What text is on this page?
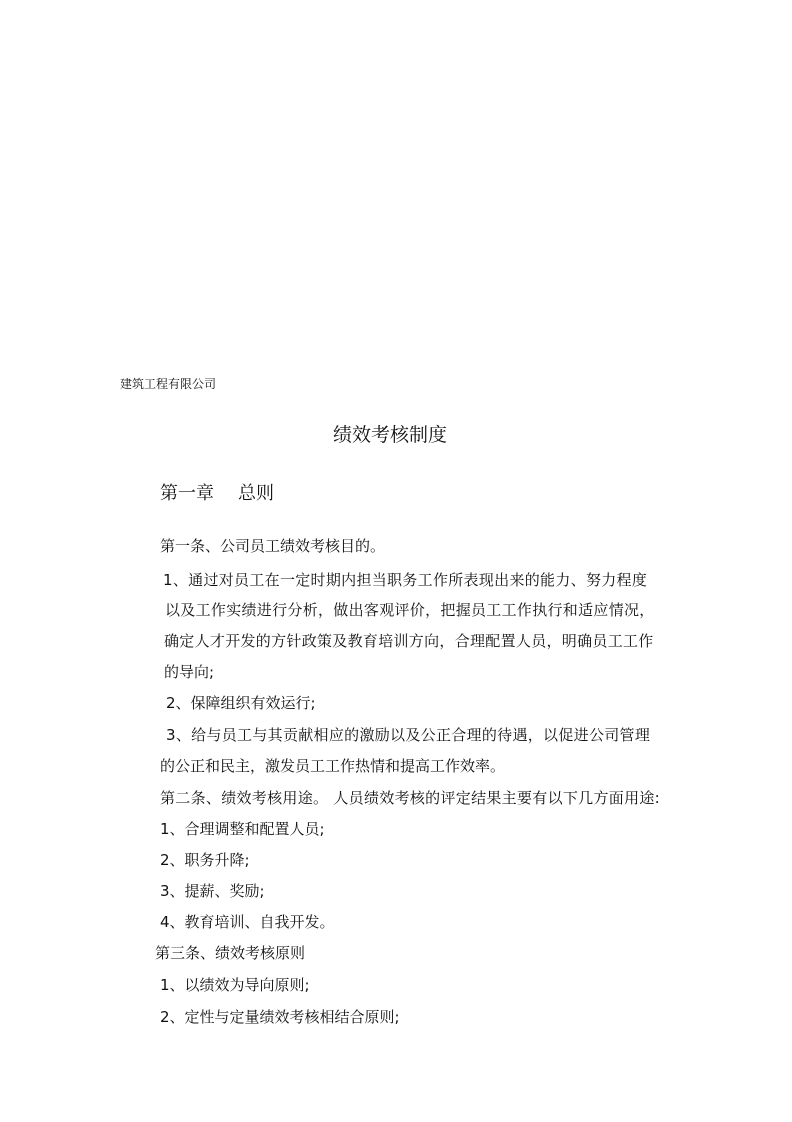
建筑工程有限公司
绩效考核制度
第一章 总则
第一条、公司员工绩效考核目的。
1、通过对员工在一定时期内担当职务工作所表现出来的能力、努力程度
以及工作实绩进行分析，做出客观评价，把握员工工作执行和适应情况，
确定人才开发的方针政策及教育培训方向，合理配置人员，明确员工工作
的导向;
2、保障组织有效运行;
3、给与员工与其贡献相应的激励以及公正合理的待遇，以促进公司管理
的公正和民主，激发员工工作热情和提高工作效率。
第二条、绩效考核用途。 人员绩效考核的评定结果主要有以下几方面用途:
1、合理调整和配置人员;
2、职务升降;
3、提薪、奖励;
4、教育培训、自我开发。
第三条、绩效考核原则
1、以绩效为导向原则;
2、定性与定量绩效考核相结合原则;
